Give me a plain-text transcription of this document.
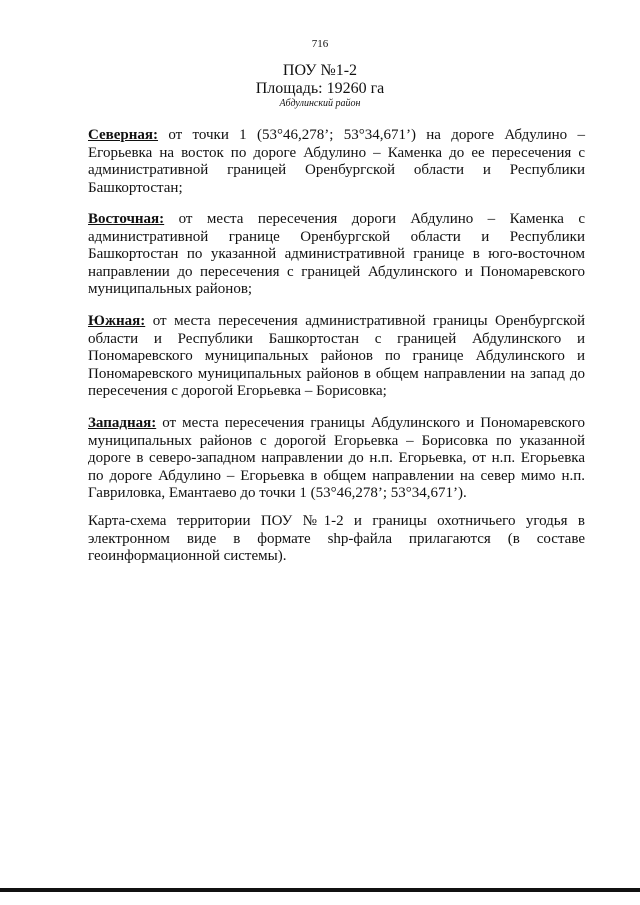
716
ПОУ №1-2
Площадь: 19260 га
Абдулинский район
Северная: от точки 1 (53°46,278’; 53°34,671’) на дороге Абдулино – Егорьевка на восток по дороге Абдулино – Каменка до ее пересечения с административной границей Оренбургской области и Республики Башкортостан;
Восточная: от места пересечения дороги Абдулино – Каменка с административной границе Оренбургской области и Республики Башкортостан по указанной административной границе в юго-восточном направлении до пересечения с границей Абдулинского и Пономаревского муниципальных районов;
Южная: от места пересечения административной границы Оренбургской области и Республики Башкортостан с границей Абдулинского и Пономаревского муниципальных районов по границе Абдулинского и Пономаревского муниципальных районов в общем направлении на запад до пересечения с дорогой Егорьевка – Борисовка;
Западная: от места пересечения границы Абдулинского и Пономаревского муниципальных районов с дорогой Егорьевка – Борисовка по указанной дороге в северо-западном направлении до н.п. Егорьевка, от н.п. Егорьевка по дороге Абдулино – Егорьевка в общем направлении на север мимо н.п. Гавриловка, Емантаево до точки 1 (53°46,278’; 53°34,671’).
Карта-схема территории ПОУ №1-2 и границы охотничьего угодья в электронном виде в формате shp-файла прилагаются (в составе геоинформационной системы).
